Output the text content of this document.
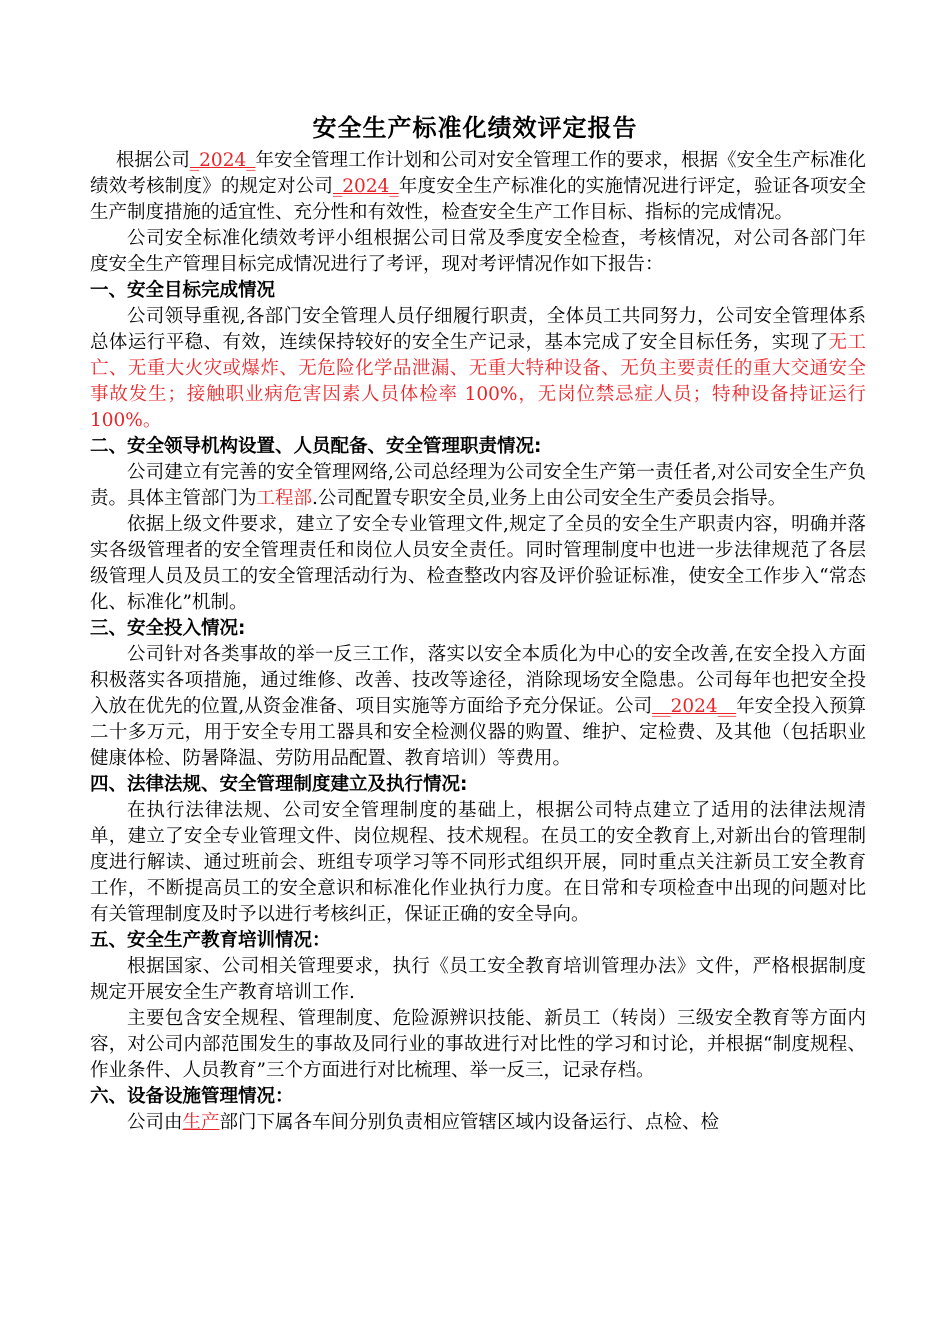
安全生产标准化绩效评定报告

根据公司_2024_年安全管理工作计划和公司对安全管理工作的要求，根据《安全生产标准化绩效考核制度》的规定对公司_2024_年度安全生产标准化的实施情况进行评定，验证各项安全生产制度措施的适宜性、充分性和有效性，检查安全生产工作目标、指标的完成情况。

公司安全标准化绩效考评小组根据公司日常及季度安全检查，考核情况，对公司各部门年度安全生产管理目标完成情况进行了考评，现对考评情况作如下报告：

一、安全目标完成情况

公司领导重视,各部门安全管理人员仔细履行职责，全体员工共同努力，公司安全管理体系总体运行平稳、有效，连续保持较好的安全生产记录，基本完成了安全目标任务，实现了无工亡、无重大火灾或爆炸、无危险化学品泄漏、无重大特种设备、无负主要责任的重大交通安全事故发生；接触职业病危害因素人员体检率 100%，无岗位禁忌症人员；特种设备持证运行 100%。

二、安全领导机构设置、人员配备、安全管理职责情况:

公司建立有完善的安全管理网络,公司总经理为公司安全生产第一责任者,对公司安全生产负责。具体主管部门为工程部.公司配置专职安全员,业务上由公司安全生产委员会指导。

依据上级文件要求，建立了安全专业管理文件,规定了全员的安全生产职责内容，明确并落实各级管理者的安全管理责任和岗位人员安全责任。同时管理制度中也进一步法律规范了各层级管理人员及员工的安全管理活动行为、检查整改内容及评价验证标准，使安全工作步入“常态化、标准化”机制。

三、安全投入情况:

公司针对各类事故的举一反三工作，落实以安全本质化为中心的安全改善,在安全投入方面积极落实各项措施，通过维修、改善、技改等途径，消除现场安全隐患。公司每年也把安全投入放在优先的位置,从资金准备、项目实施等方面给予充分保证。公司__2024__年安全投入预算二十多万元，用于安全专用工器具和安全检测仪器的购置、维护、定检费、及其他（包括职业健康体检、防暑降温、劳防用品配置、教育培训）等费用。

四、法律法规、安全管理制度建立及执行情况:

在执行法律法规、公司安全管理制度的基础上，根据公司特点建立了适用的法律法规清单，建立了安全专业管理文件、岗位规程、技术规程。在员工的安全教育上,对新出台的管理制度进行解读、通过班前会、班组专项学习等不同形式组织开展，同时重点关注新员工安全教育工作，不断提高员工的安全意识和标准化作业执行力度。在日常和专项检查中出现的问题对比有关管理制度及时予以进行考核纠正，保证正确的安全导向。

五、安全生产教育培训情况：

根据国家、公司相关管理要求，执行《员工安全教育培训管理办法》文件，严格根据制度规定开展安全生产教育培训工作.

主要包含安全规程、管理制度、危险源辨识技能、新员工（转岗）三级安全教育等方面内容，对公司内部范围发生的事故及同行业的事故进行对比性的学习和讨论，并根据“制度规程、作业条件、人员教育”三个方面进行对比梳理、举一反三，记录存档。

六、设备设施管理情况：

公司由生产部门下属各车间分别负责相应管辖区域内设备运行、点检、检
